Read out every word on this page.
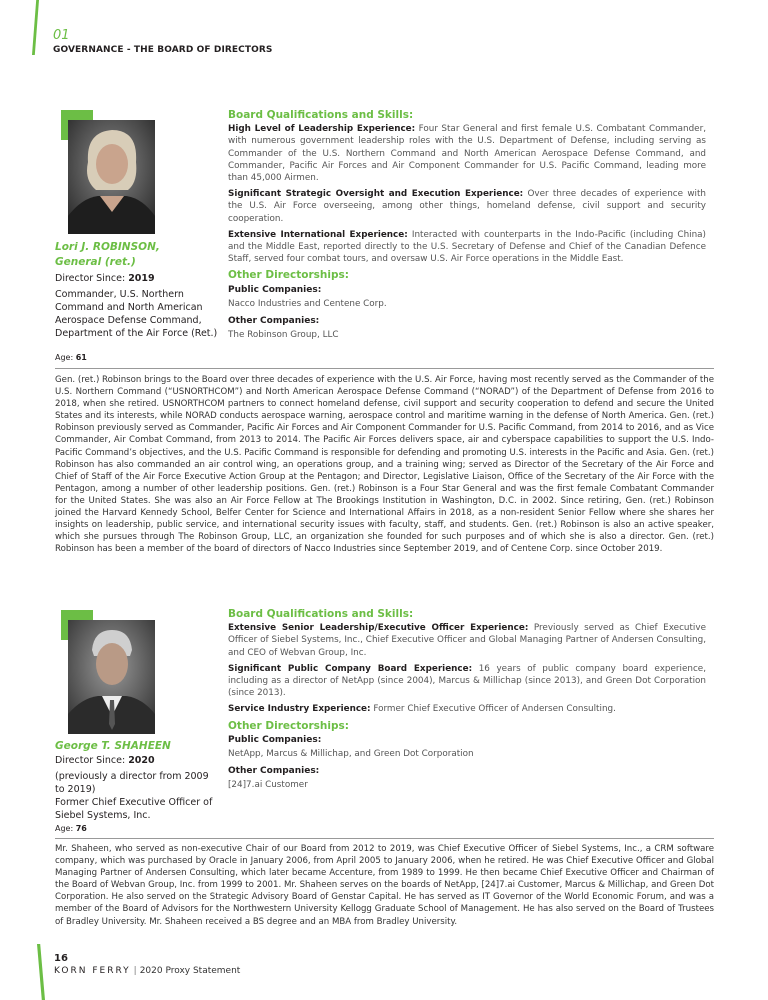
01
GOVERNANCE - THE BOARD OF DIRECTORS
Lori J. ROBINSON,
General (ret.)
Director Since: 2019
Commander, U.S. Northern Command and North American Aerospace Defense Command, Department of the Air Force (Ret.)
Age: 61
Board Qualifications and Skills:
High Level of Leadership Experience: Four Star General and first female U.S. Combatant Commander, with numerous government leadership roles with the U.S. Department of Defense, including serving as Commander of the U.S. Northern Command and North American Aerospace Defense Command, and Commander, Pacific Air Forces and Air Component Commander for U.S. Pacific Command, leading more than 45,000 Airmen.
Significant Strategic Oversight and Execution Experience: Over three decades of experience with the U.S. Air Force overseeing, among other things, homeland defense, civil support and security cooperation.
Extensive International Experience: Interacted with counterparts in the Indo-Pacific (including China) and the Middle East, reported directly to the U.S. Secretary of Defense and Chief of the Canadian Defence Staff, served four combat tours, and oversaw U.S. Air Force operations in the Middle East.
Other Directorships:
Public Companies:
Nacco Industries and Centene Corp.
Other Companies:
The Robinson Group, LLC
Gen. (ret.) Robinson brings to the Board over three decades of experience with the U.S. Air Force, having most recently served as the Commander of the U.S. Northern Command (“USNORTHCOM”) and North American Aerospace Defense Command (“NORAD”) of the Department of Defense from 2016 to 2018, when she retired. USNORTHCOM partners to connect homeland defense, civil support and security cooperation to defend and secure the United States and its interests, while NORAD conducts aerospace warning, aerospace control and maritime warning in the defense of North America. Gen. (ret.) Robinson previously served as Commander, Pacific Air Forces and Air Component Commander for U.S. Pacific Command, from 2014 to 2016, and as Vice Commander, Air Combat Command, from 2013 to 2014. The Pacific Air Forces delivers space, air and cyberspace capabilities to support the U.S. Indo-Pacific Command’s objectives, and the U.S. Pacific Command is responsible for defending and promoting U.S. interests in the Pacific and Asia. Gen. (ret.) Robinson has also commanded an air control wing, an operations group, and a training wing; served as Director of the Secretary of the Air Force and Chief of Staff of the Air Force Executive Action Group at the Pentagon; and Director, Legislative Liaison, Office of the Secretary of the Air Force with the Pentagon, among a number of other leadership positions. Gen. (ret.) Robinson is a Four Star General and was the first female Combatant Commander for the United States. She was also an Air Force Fellow at The Brookings Institution in Washington, D.C. in 2002. Since retiring, Gen. (ret.) Robinson joined the Harvard Kennedy School, Belfer Center for Science and International Affairs in 2018, as a non-resident Senior Fellow where she shares her insights on leadership, public service, and international security issues with faculty, staff, and students. Gen. (ret.) Robinson is also an active speaker, which she pursues through The Robinson Group, LLC, an organization she founded for such purposes and of which she is also a director. Gen. (ret.) Robinson has been a member of the board of directors of Nacco Industries since September 2019, and of Centene Corp. since October 2019.
George T. SHAHEEN
Director Since: 2020
(previously a director from 2009 to 2019)
Former Chief Executive Officer of Siebel Systems, Inc.
Age: 76
Board Qualifications and Skills:
Extensive Senior Leadership/Executive Officer Experience: Previously served as Chief Executive Officer of Siebel Systems, Inc., Chief Executive Officer and Global Managing Partner of Andersen Consulting, and CEO of Webvan Group, Inc.
Significant Public Company Board Experience: 16 years of public company board experience, including as a director of NetApp (since 2004), Marcus & Millichap (since 2013), and Green Dot Corporation (since 2013).
Service Industry Experience: Former Chief Executive Officer of Andersen Consulting.
Other Directorships:
Public Companies:
NetApp, Marcus & Millichap, and Green Dot Corporation
Other Companies:
[24]7.ai Customer
Mr. Shaheen, who served as non-executive Chair of our Board from 2012 to 2019, was Chief Executive Officer of Siebel Systems, Inc., a CRM software company, which was purchased by Oracle in January 2006, from April 2005 to January 2006, when he retired. He was Chief Executive Officer and Global Managing Partner of Andersen Consulting, which later became Accenture, from 1989 to 1999. He then became Chief Executive Officer and Chairman of the Board of Webvan Group, Inc. from 1999 to 2001. Mr. Shaheen serves on the boards of NetApp, [24]7.ai Customer, Marcus & Millichap, and Green Dot Corporation. He also served on the Strategic Advisory Board of Genstar Capital. He has served as IT Governor of the World Economic Forum, and was a member of the Board of Advisors for the Northwestern University Kellogg Graduate School of Management. He has also served on the Board of Trustees of Bradley University. Mr. Shaheen received a BS degree and an MBA from Bradley University.
16
KORN FERRY | 2020 Proxy Statement
